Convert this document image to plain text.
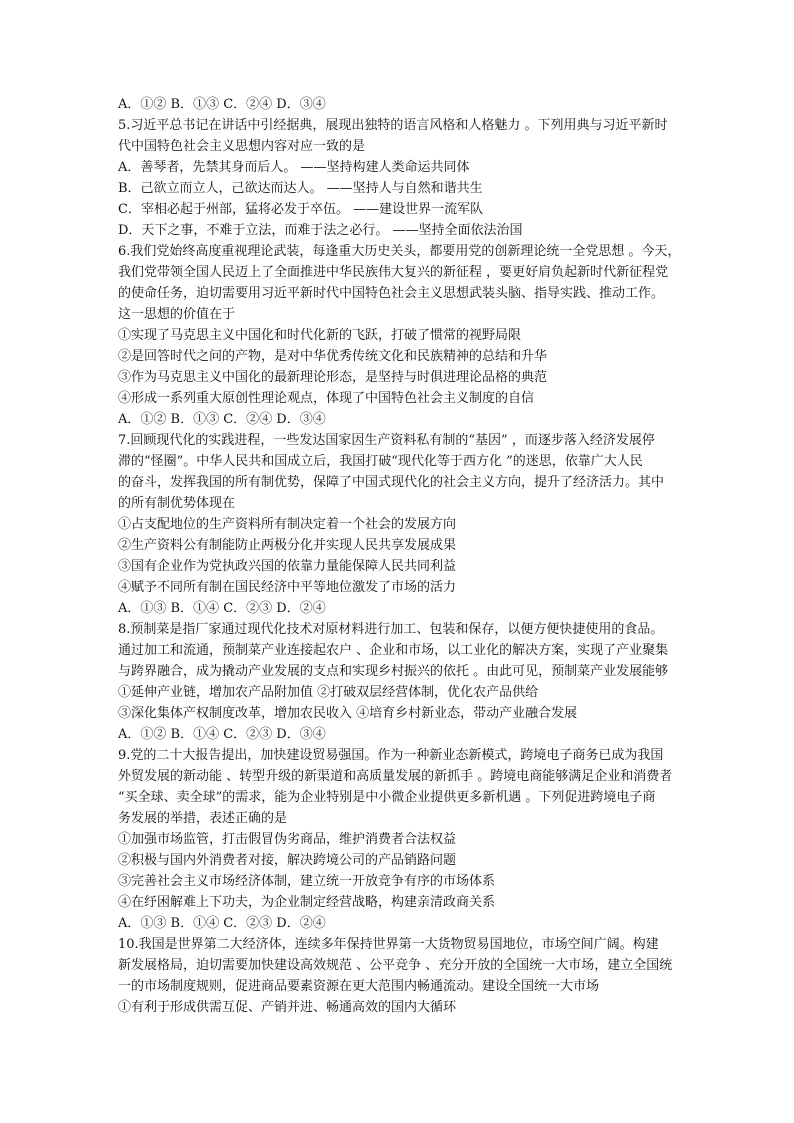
A．①② B．①③ C．②④ D．③④
5.习近平总书记在讲话中引经据典，展现出独特的语言风格和人格魅力 。下列用典与习近平新时
代中国特色社会主义思想内容对应一致的是
A．善琴者，先禁其身而后人。 ——坚持构建人类命运共同体
B．己欲立而立人，己欲达而达人。 ——坚持人与自然和谐共生
C．宰相必起于州部，猛将必发于卒伍。 ——建设世界一流军队
D．天下之事，不难于立法，而难于法之必行。 ——坚持全面依法治国
6.我们党始终高度重视理论武装，每逢重大历史关头，都要用党的创新理论统一全党思想 。今天，
我们党带领全国人民迈上了全面推进中华民族伟大复兴的新征程 ，要更好肩负起新时代新征程党
的使命任务，迫切需要用习近平新时代中国特色社会主义思想武装头脑、指导实践、推动工作。
这一思想的价值在于
①实现了马克思主义中国化和时代化新的飞跃，打破了惯常的视野局限
②是回答时代之问的产物，是对中华优秀传统文化和民族精神的总结和升华
③作为马克思主义中国化的最新理论形态，是坚持与时俱进理论品格的典范
④形成一系列重大原创性理论观点，体现了中国特色社会主义制度的自信
A．①② B．①③ C．②④ D．③④
7.回顾现代化的实践进程，一些发达国家因生产资料私有制的“基因” ，而逐步落入经济发展停
滞的“怪圈”。中华人民共和国成立后，我国打破“现代化等于西方化 ”的迷思，依靠广大人民
的奋斗，发挥我国的所有制优势，保障了中国式现代化的社会主义方向，提升了经济活力。其中
的所有制优势体现在
①占支配地位的生产资料所有制决定着一个社会的发展方向
②生产资料公有制能防止两极分化并实现人民共享发展成果
③国有企业作为党执政兴国的依靠力量能保障人民共同利益
④赋予不同所有制在国民经济中平等地位激发了市场的活力
A．①③ B．①④ C．②③ D．②④
8.预制菜是指厂家通过现代化技术对原材料进行加工、包装和保存，以便方便快捷使用的食品。
通过加工和流通，预制菜产业连接起农户 、企业和市场，以工业化的解决方案，实现了产业聚集
与跨界融合，成为撬动产业发展的支点和实现乡村振兴的依托 。由此可见，预制菜产业发展能够
①延伸产业链，增加农产品附加值 ②打破双层经营体制，优化农产品供给
③深化集体产权制度改革，增加农民收入 ④培育乡村新业态，带动产业融合发展
A．①② B．①④ C．②③ D．③④
9.党的二十大报告提出，加快建设贸易强国。作为一种新业态新模式，跨境电子商务已成为我国
外贸发展的新动能 、转型升级的新渠道和高质量发展的新抓手 。跨境电商能够满足企业和消费者
“买全球、卖全球”的需求，能为企业特别是中小微企业提供更多新机遇 。下列促进跨境电子商
务发展的举措，表述正确的是
①加强市场监管，打击假冒伪劣商品，维护消费者合法权益
②积极与国内外消费者对接，解决跨境公司的产品销路问题
③完善社会主义市场经济体制，建立统一开放竞争有序的市场体系
④在纾困解难上下功夫，为企业制定经营战略，构建亲清政商关系
A．①③ B．①④ C．②③ D．②④
10.我国是世界第二大经济体，连续多年保持世界第一大货物贸易国地位，市场空间广阔。构建
新发展格局，迫切需要加快建设高效规范 、公平竞争 、充分开放的全国统一大市场，建立全国统
一的市场制度规则，促进商品要素资源在更大范围内畅通流动。建设全国统一大市场
①有利于形成供需互促、产销并进、畅通高效的国内大循环
